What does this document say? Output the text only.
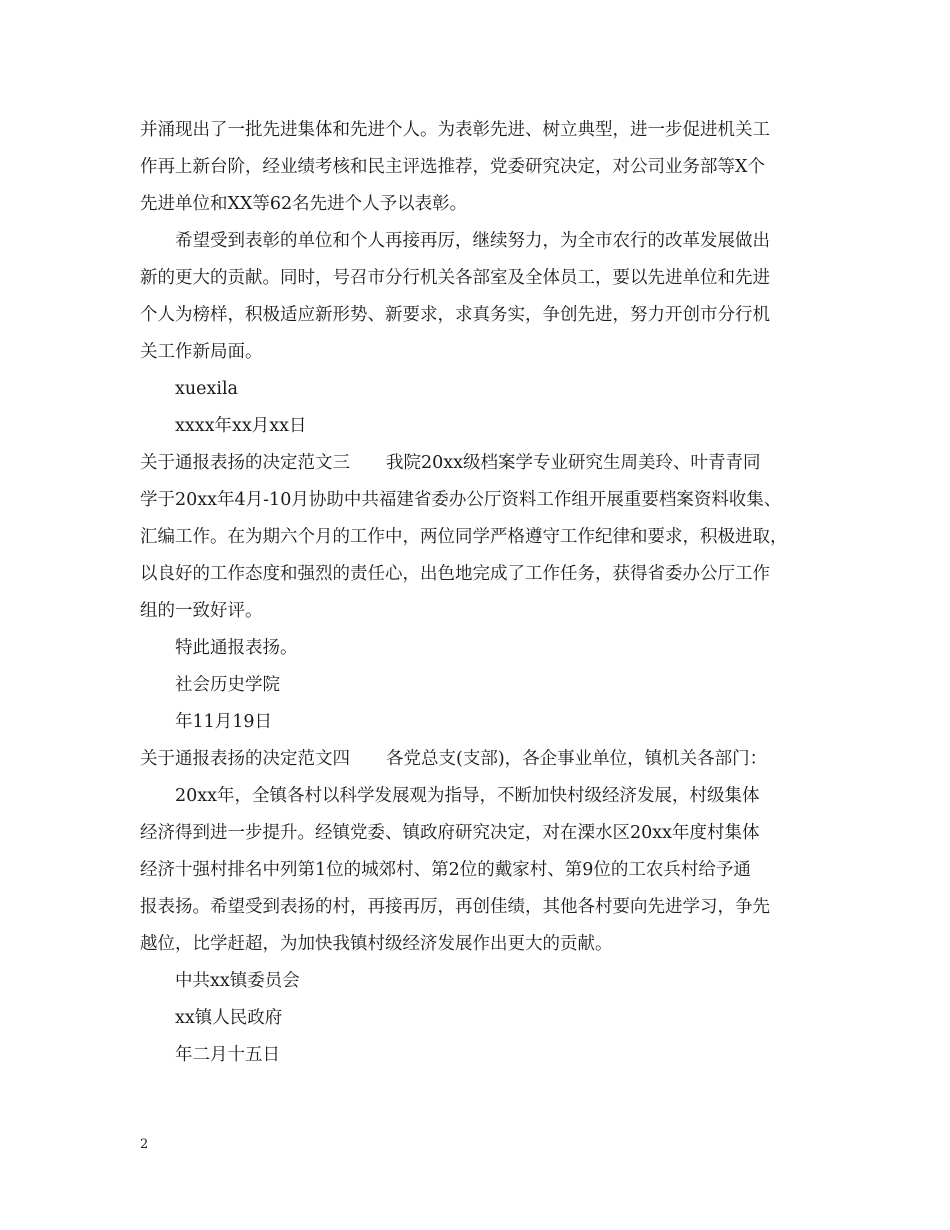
并涌现出了一批先进集体和先进个人。为表彰先进、树立典型，进一步促进机关工
作再上新台阶，经业绩考核和民主评选推荐，党委研究决定，对公司业务部等X个
先进单位和XX等62名先进个人予以表彰。
希望受到表彰的单位和个人再接再厉，继续努力，为全市农行的改革发展做出
新的更大的贡献。同时，号召市分行机关各部室及全体员工，要以先进单位和先进
个人为榜样，积极适应新形势、新要求，求真务实，争创先进，努力开创市分行机
关工作新局面。
xuexila
xxxx年xx月xx日
关于通报表扬的决定范文三 我院20xx级档案学专业研究生周美玲、叶青青同
学于20xx年4月-10月协助中共福建省委办公厅资料工作组开展重要档案资料收集、
汇编工作。在为期六个月的工作中，两位同学严格遵守工作纪律和要求，积极进取，
以良好的工作态度和强烈的责任心，出色地完成了工作任务，获得省委办公厅工作
组的一致好评。
特此通报表扬。
社会历史学院
年11月19日
关于通报表扬的决定范文四 各党总支(支部)，各企事业单位，镇机关各部门：
20xx年，全镇各村以科学发展观为指导，不断加快村级经济发展，村级集体
经济得到进一步提升。经镇党委、镇政府研究决定，对在溧水区20xx年度村集体
经济十强村排名中列第1位的城郊村、第2位的戴家村、第9位的工农兵村给予通
报表扬。希望受到表扬的村，再接再厉，再创佳绩，其他各村要向先进学习，争先
越位，比学赶超，为加快我镇村级经济发展作出更大的贡献。
中共xx镇委员会
xx镇人民政府
年二月十五日
2
